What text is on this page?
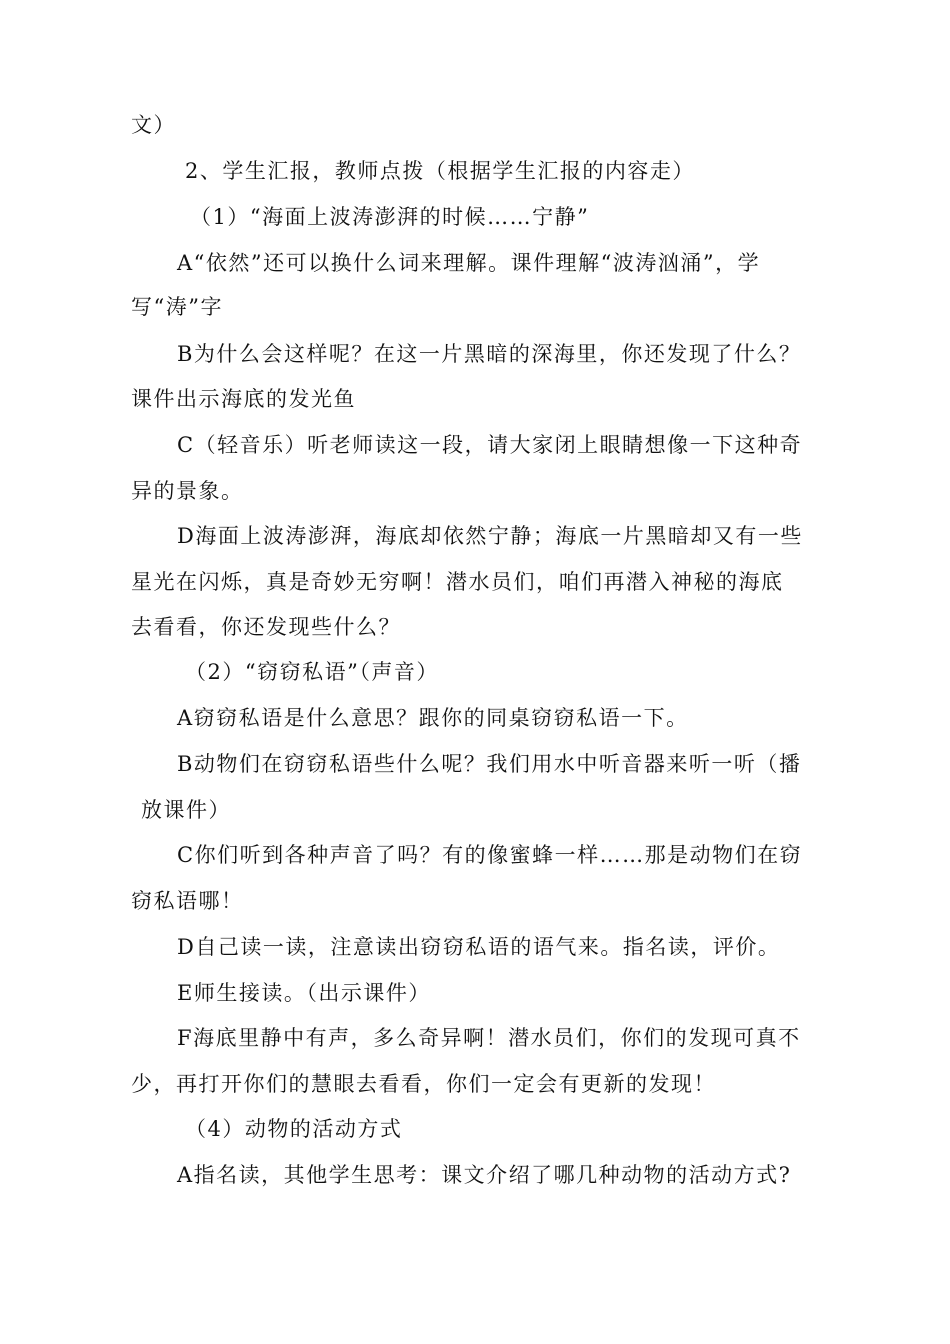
文）
2、学生汇报，教师点拨（根据学生汇报的内容走）
（1）“海面上波涛澎湃的时候……宁静”
A“依然”还可以换什么词来理解。课件理解“波涛汹涌”，学
写“涛”字
B为什么会这样呢？在这一片黑暗的深海里，你还发现了什么？
课件出示海底的发光鱼
C（轻音乐）听老师读这一段，请大家闭上眼睛想像一下这种奇
异的景象。
D海面上波涛澎湃，海底却依然宁静；海底一片黑暗却又有一些
星光在闪烁，真是奇妙无穷啊！潜水员们，咱们再潜入神秘的海底
去看看，你还发现些什么？
（2）“窃窃私语”（声音）
A窃窃私语是什么意思？跟你的同桌窃窃私语一下。
B动物们在窃窃私语些什么呢？我们用水中听音器来听一听（播
放课件）
C你们听到各种声音了吗？有的像蜜蜂一样……那是动物们在窃
窃私语哪！
D自己读一读，注意读出窃窃私语的语气来。指名读，评价。
E师生接读。（出示课件）
F海底里静中有声，多么奇异啊！潜水员们，你们的发现可真不
少，再打开你们的慧眼去看看，你们一定会有更新的发现！
（4）动物的活动方式
A指名读，其他学生思考：课文介绍了哪几种动物的活动方式?
